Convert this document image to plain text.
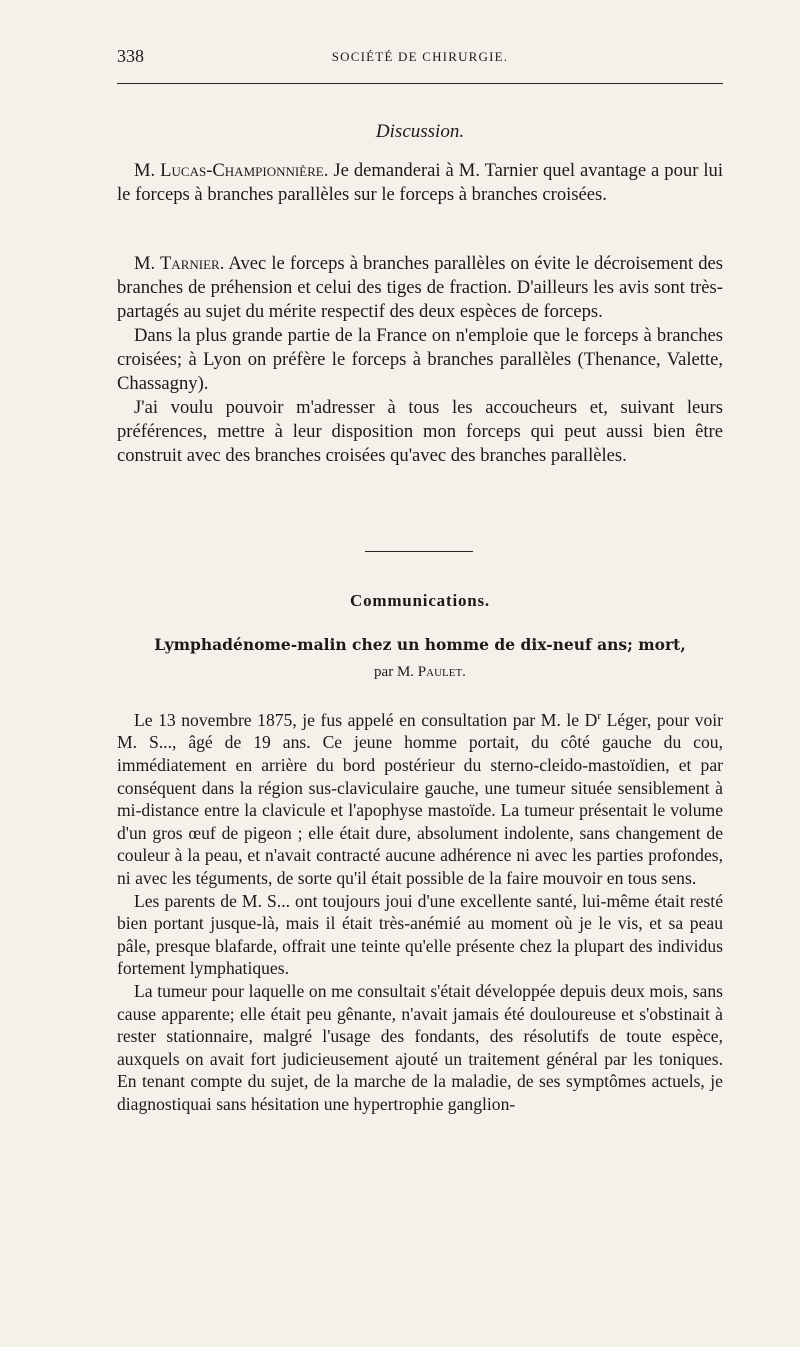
338	SOCIÉTÉ DE CHIRURGIE.
Discussion.

M. Lucas-Championnière. Je demanderai à M. Tarnier quel avantage a pour lui le forceps à branches parallèles sur le forceps à branches croisées.

M. Tarnier. Avec le forceps à branches parallèles on évite le décroisement des branches de préhension et celui des tiges de fraction. D'ailleurs les avis sont très-partagés au sujet du mérite respectif des deux espèces de forceps.

Dans la plus grande partie de la France on n'emploie que le forceps à branches croisées; à Lyon on préfère le forceps à branches parallèles (Thenance, Valette, Chassagny).

J'ai voulu pouvoir m'adresser à tous les accoucheurs et, suivant leurs préférences, mettre à leur disposition mon forceps qui peut aussi bien être construit avec des branches croisées qu'avec des branches parallèles.

Communications.
Lymphadénome-malin chez un homme de dix-neuf ans; mort,
par M. Paulet.

Le 13 novembre 1875, je fus appelé en consultation par M. le $D^r$ Léger, pour voir M. S..., âgé de 19 ans. Ce jeune homme portait, du côté gauche du cou, immédiatement en arrière du bord postérieur du sterno-cleido-mastoïdien, et par conséquent dans la région sus-claviculaire gauche, une tumeur située sensiblement à mi-distance entre la clavicule et l'apophyse mastoïde. La tumeur présentait le volume d'un gros œuf de pigeon ; elle était dure, absolument indolente, sans changement de couleur à la peau, et n'avait contracté aucune adhérence ni avec les parties profondes, ni avec les téguments, de sorte qu'il était possible de la faire mouvoir en tous sens.

Les parents de M. S... ont toujours joui d'une excellente santé, lui-même était resté bien portant jusque-là, mais il était très-anémié au moment où je le vis, et sa peau pâle, presque blafarde, offrait une teinte qu'elle présente chez la plupart des individus fortement lymphatiques.

La tumeur pour laquelle on me consultait s'était développée depuis deux mois, sans cause apparente; elle était peu gênante, n'avait jamais été douloureuse et s'obstinait à rester stationnaire, malgré l'usage des fondants, des résolutifs de toute espèce, auxquels on avait fort judicieusement ajouté un traitement général par les toniques. En tenant compte du sujet, de la marche de la maladie, de ses symptômes actuels, je diagnostiquai sans hésitation une hypertrophie ganglion-
